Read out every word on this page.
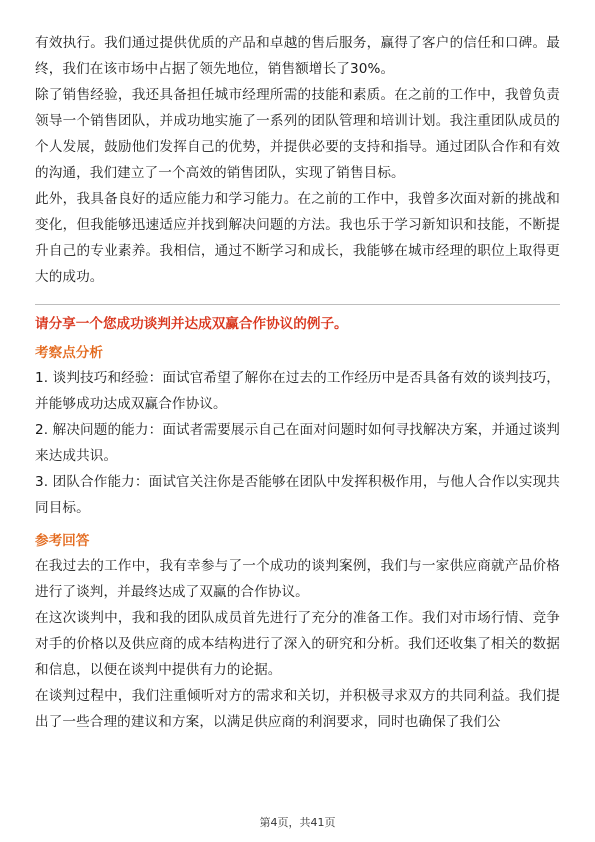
有效执行。我们通过提供优质的产品和卓越的售后服务，赢得了客户的信任和口碑。最终，我们在该市场中占据了领先地位，销售额增长了30%。

除了销售经验，我还具备担任城市经理所需的技能和素质。在之前的工作中，我曾负责领导一个销售团队，并成功地实施了一系列的团队管理和培训计划。我注重团队成员的个人发展，鼓励他们发挥自己的优势，并提供必要的支持和指导。通过团队合作和有效的沟通，我们建立了一个高效的销售团队，实现了销售目标。

此外，我具备良好的适应能力和学习能力。在之前的工作中，我曾多次面对新的挑战和变化，但我能够迅速适应并找到解决问题的方法。我也乐于学习新知识和技能，不断提升自己的专业素养。我相信，通过不断学习和成长，我能够在城市经理的职位上取得更大的成功。

请分享一个您成功谈判并达成双赢合作协议的例子。

考察点分析

1. 谈判技巧和经验：面试官希望了解你在过去的工作经历中是否具备有效的谈判技巧，并能够成功达成双赢合作协议。

2. 解决问题的能力：面试者需要展示自己在面对问题时如何寻找解决方案，并通过谈判来达成共识。

3. 团队合作能力：面试官关注你是否能够在团队中发挥积极作用，与他人合作以实现共同目标。

参考回答

在我过去的工作中，我有幸参与了一个成功的谈判案例，我们与一家供应商就产品价格进行了谈判，并最终达成了双赢的合作协议。

在这次谈判中，我和我的团队成员首先进行了充分的准备工作。我们对市场行情、竞争对手的价格以及供应商的成本结构进行了深入的研究和分析。我们还收集了相关的数据和信息，以便在谈判中提供有力的论据。

在谈判过程中，我们注重倾听对方的需求和关切，并积极寻求双方的共同利益。我们提出了一些合理的建议和方案，以满足供应商的利润要求，同时也确保了我们公

第4页，共41页
